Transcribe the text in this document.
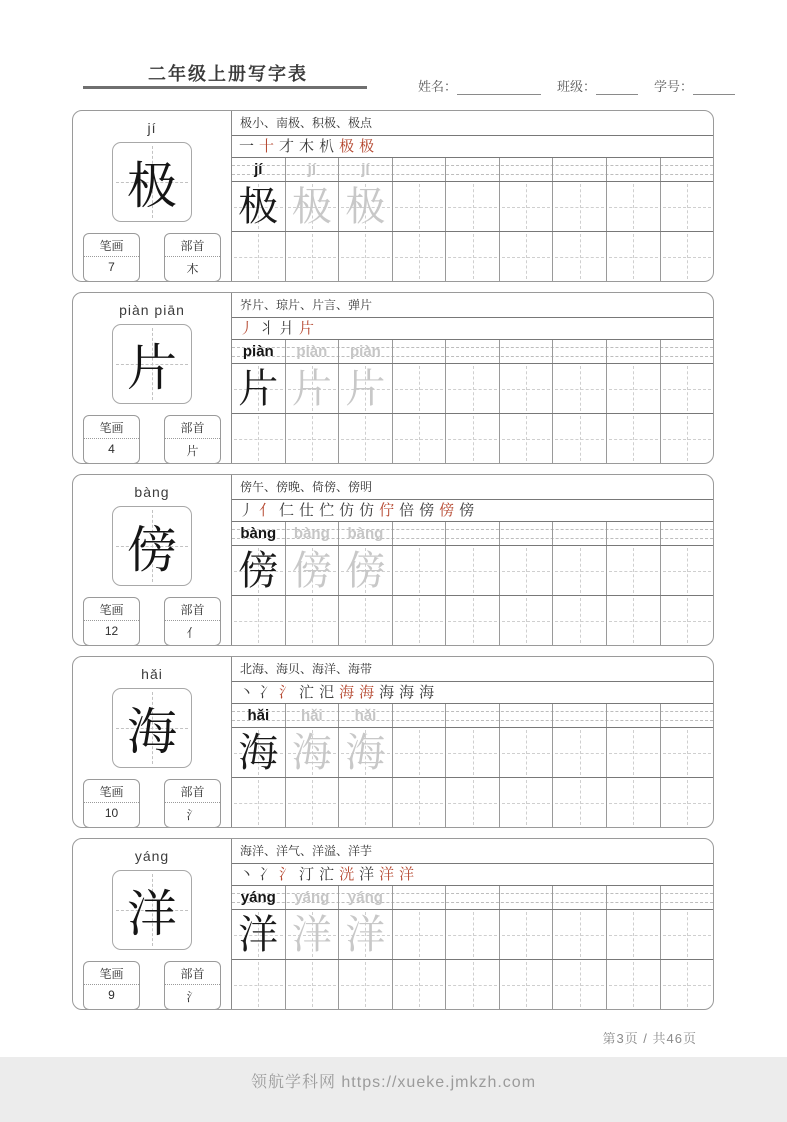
二年级上册写字表
姓名：	班级：	学号：
第3页 / 共46页
领航学科网 https://xueke.jmkzh.com
jí
极
笔画
7
部首
木
极小、南极、积极、极点
一 十 才 木 朳 极 极
jí	jí	jí
极 极 极
piàn piān
片
笔画
4
部首
片
岕片、琼片、片言、弹片
丿 丬 爿 片
piàn	piàn	piàn
片 片 片
bàng
傍
笔画
12
部首
亻
傍午、傍晚、倚傍、傍明
丿 亻 仁 仕 伫 仿 仿 佇 倍 傍 傍 傍
bàng	bàng	bàng
傍 傍 傍
hǎi
海
笔画
10
部首
氵
北海、海贝、海洋、海带
丶 冫 氵 汒 汜 海 海 海 海 海
hǎi	hǎi	hǎi
海 海 海
yáng
洋
笔画
9
部首
氵
海洋、洋气、洋溢、洋芋
丶 冫 氵 汀 汒 洸 洋 洋 洋
yáng	yáng	yáng
洋 洋 洋
